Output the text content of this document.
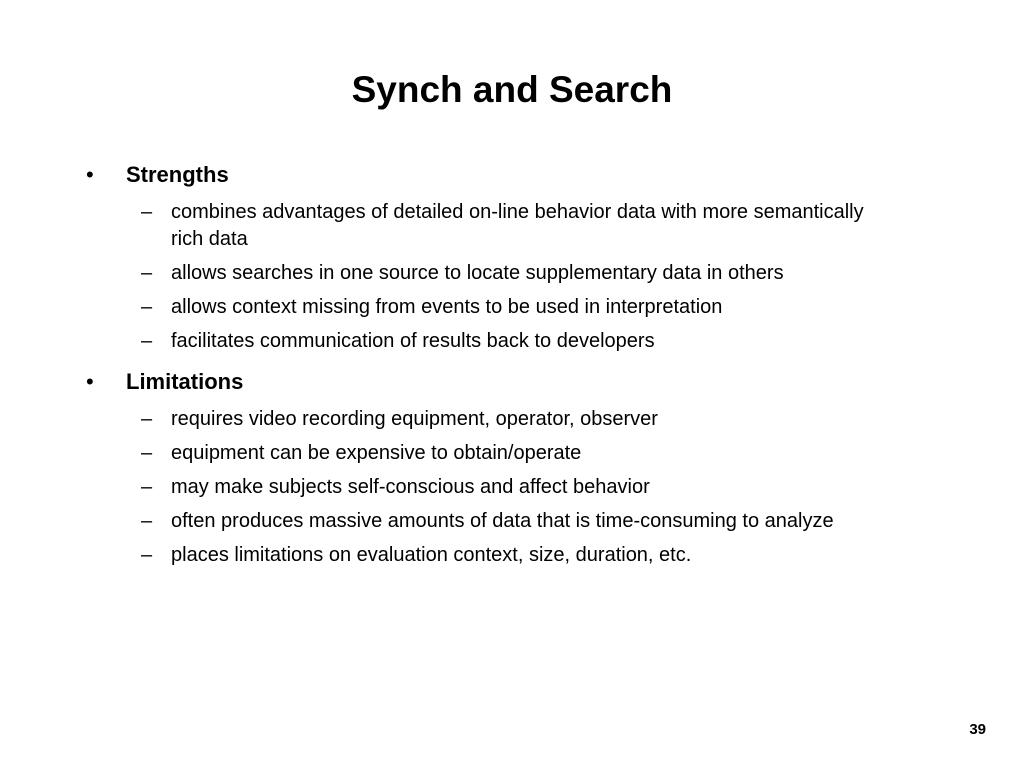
Synch and Search
• Strengths
– combines advantages of detailed on-line behavior data with more semantically rich data
– allows searches in one source to locate supplementary data in others
– allows context missing from events to be used in interpretation
– facilitates communication of results back to developers
• Limitations
– requires video recording equipment, operator, observer
– equipment can be expensive to obtain/operate
– may make subjects self-conscious and affect behavior
– often produces massive amounts of data that is time-consuming to analyze
– places limitations on evaluation context, size, duration, etc.
39
